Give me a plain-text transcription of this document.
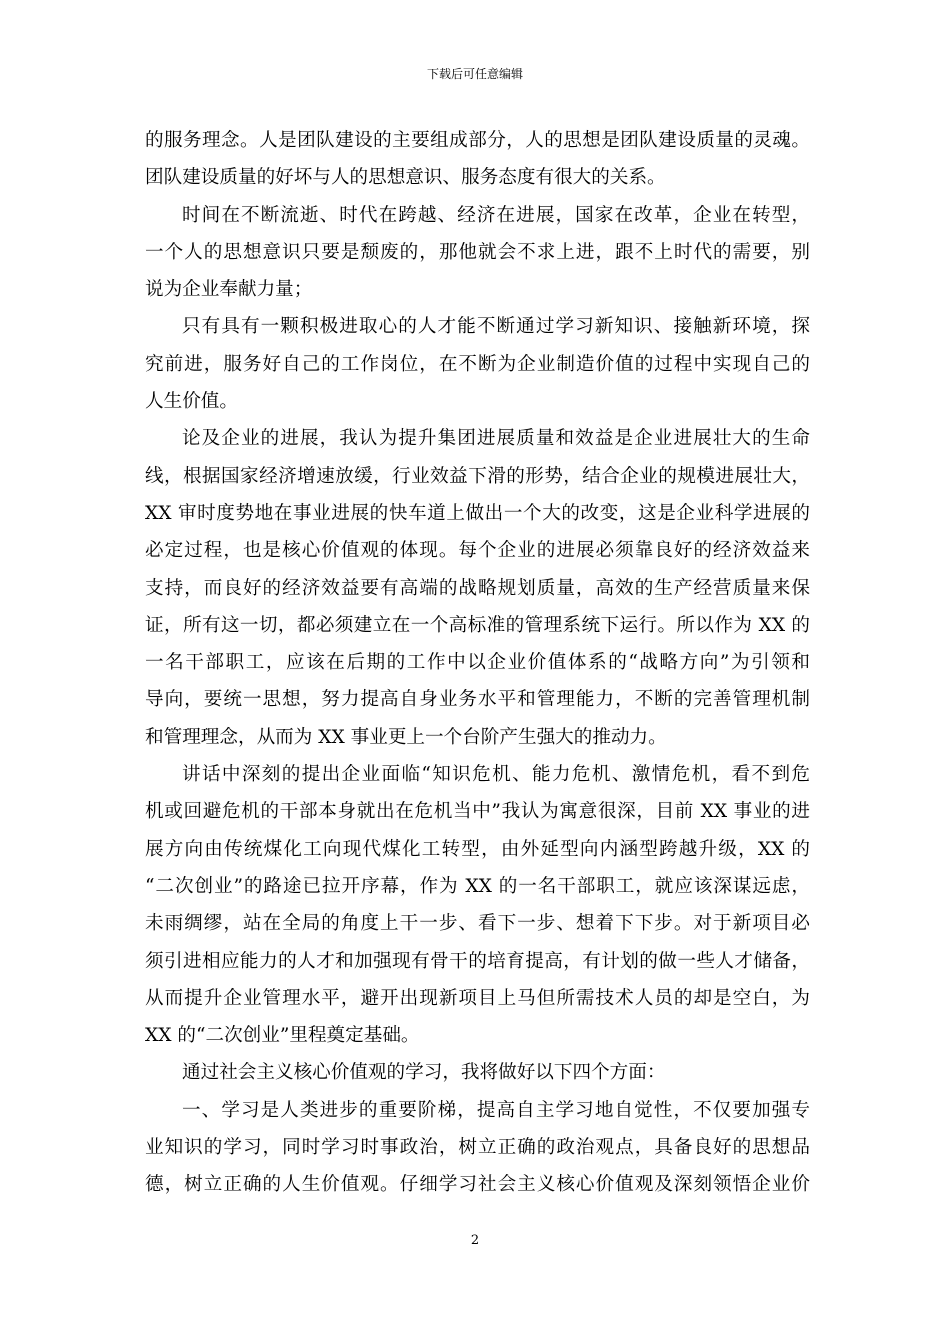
下载后可任意编辑

的服务理念。人是团队建设的主要组成部分，人的思想是团队建设质量的灵魂。

团队建设质量的好坏与人的思想意识、服务态度有很大的关系。

时间在不断流逝、时代在跨越、经济在进展，国家在改革，企业在转型，

一个人的思想意识只要是颓废的，那他就会不求上进，跟不上时代的需要，别

说为企业奉献力量；

只有具有一颗积极进取心的人才能不断通过学习新知识、接触新环境，探

究前进，服务好自己的工作岗位，在不断为企业制造价值的过程中实现自己的

人生价值。

论及企业的进展，我认为提升集团进展质量和效益是企业进展壮大的生命

线，根据国家经济增速放缓，行业效益下滑的形势，结合企业的规模进展壮大，

XX 审时度势地在事业进展的快车道上做出一个大的改变，这是企业科学进展的

必定过程，也是核心价值观的体现。每个企业的进展必须靠良好的经济效益来

支持，而良好的经济效益要有高端的战略规划质量，高效的生产经营质量来保

证，所有这一切，都必须建立在一个高标准的管理系统下运行。所以作为 XX 的

一名干部职工，应该在后期的工作中以企业价值体系的“战略方向”为引领和

导向，要统一思想，努力提高自身业务水平和管理能力，不断的完善管理机制

和管理理念，从而为 XX 事业更上一个台阶产生强大的推动力。

讲话中深刻的提出企业面临“知识危机、能力危机、激情危机，看不到危

机或回避危机的干部本身就出在危机当中”我认为寓意很深，目前 XX 事业的进

展方向由传统煤化工向现代煤化工转型，由外延型向内涵型跨越升级，XX 的

“二次创业”的路途已拉开序幕，作为 XX 的一名干部职工，就应该深谋远虑，

未雨绸缪，站在全局的角度上干一步、看下一步、想着下下步。对于新项目必

须引进相应能力的人才和加强现有骨干的培育提高，有计划的做一些人才储备，

从而提升企业管理水平，避开出现新项目上马但所需技术人员的却是空白，为

XX 的“二次创业”里程奠定基础。

通过社会主义核心价值观的学习，我将做好以下四个方面：

一、学习是人类进步的重要阶梯，提高自主学习地自觉性，不仅要加强专

业知识的学习，同时学习时事政治，树立正确的政治观点，具备良好的思想品

德，树立正确的人生价值观。仔细学习社会主义核心价值观及深刻领悟企业价

2
